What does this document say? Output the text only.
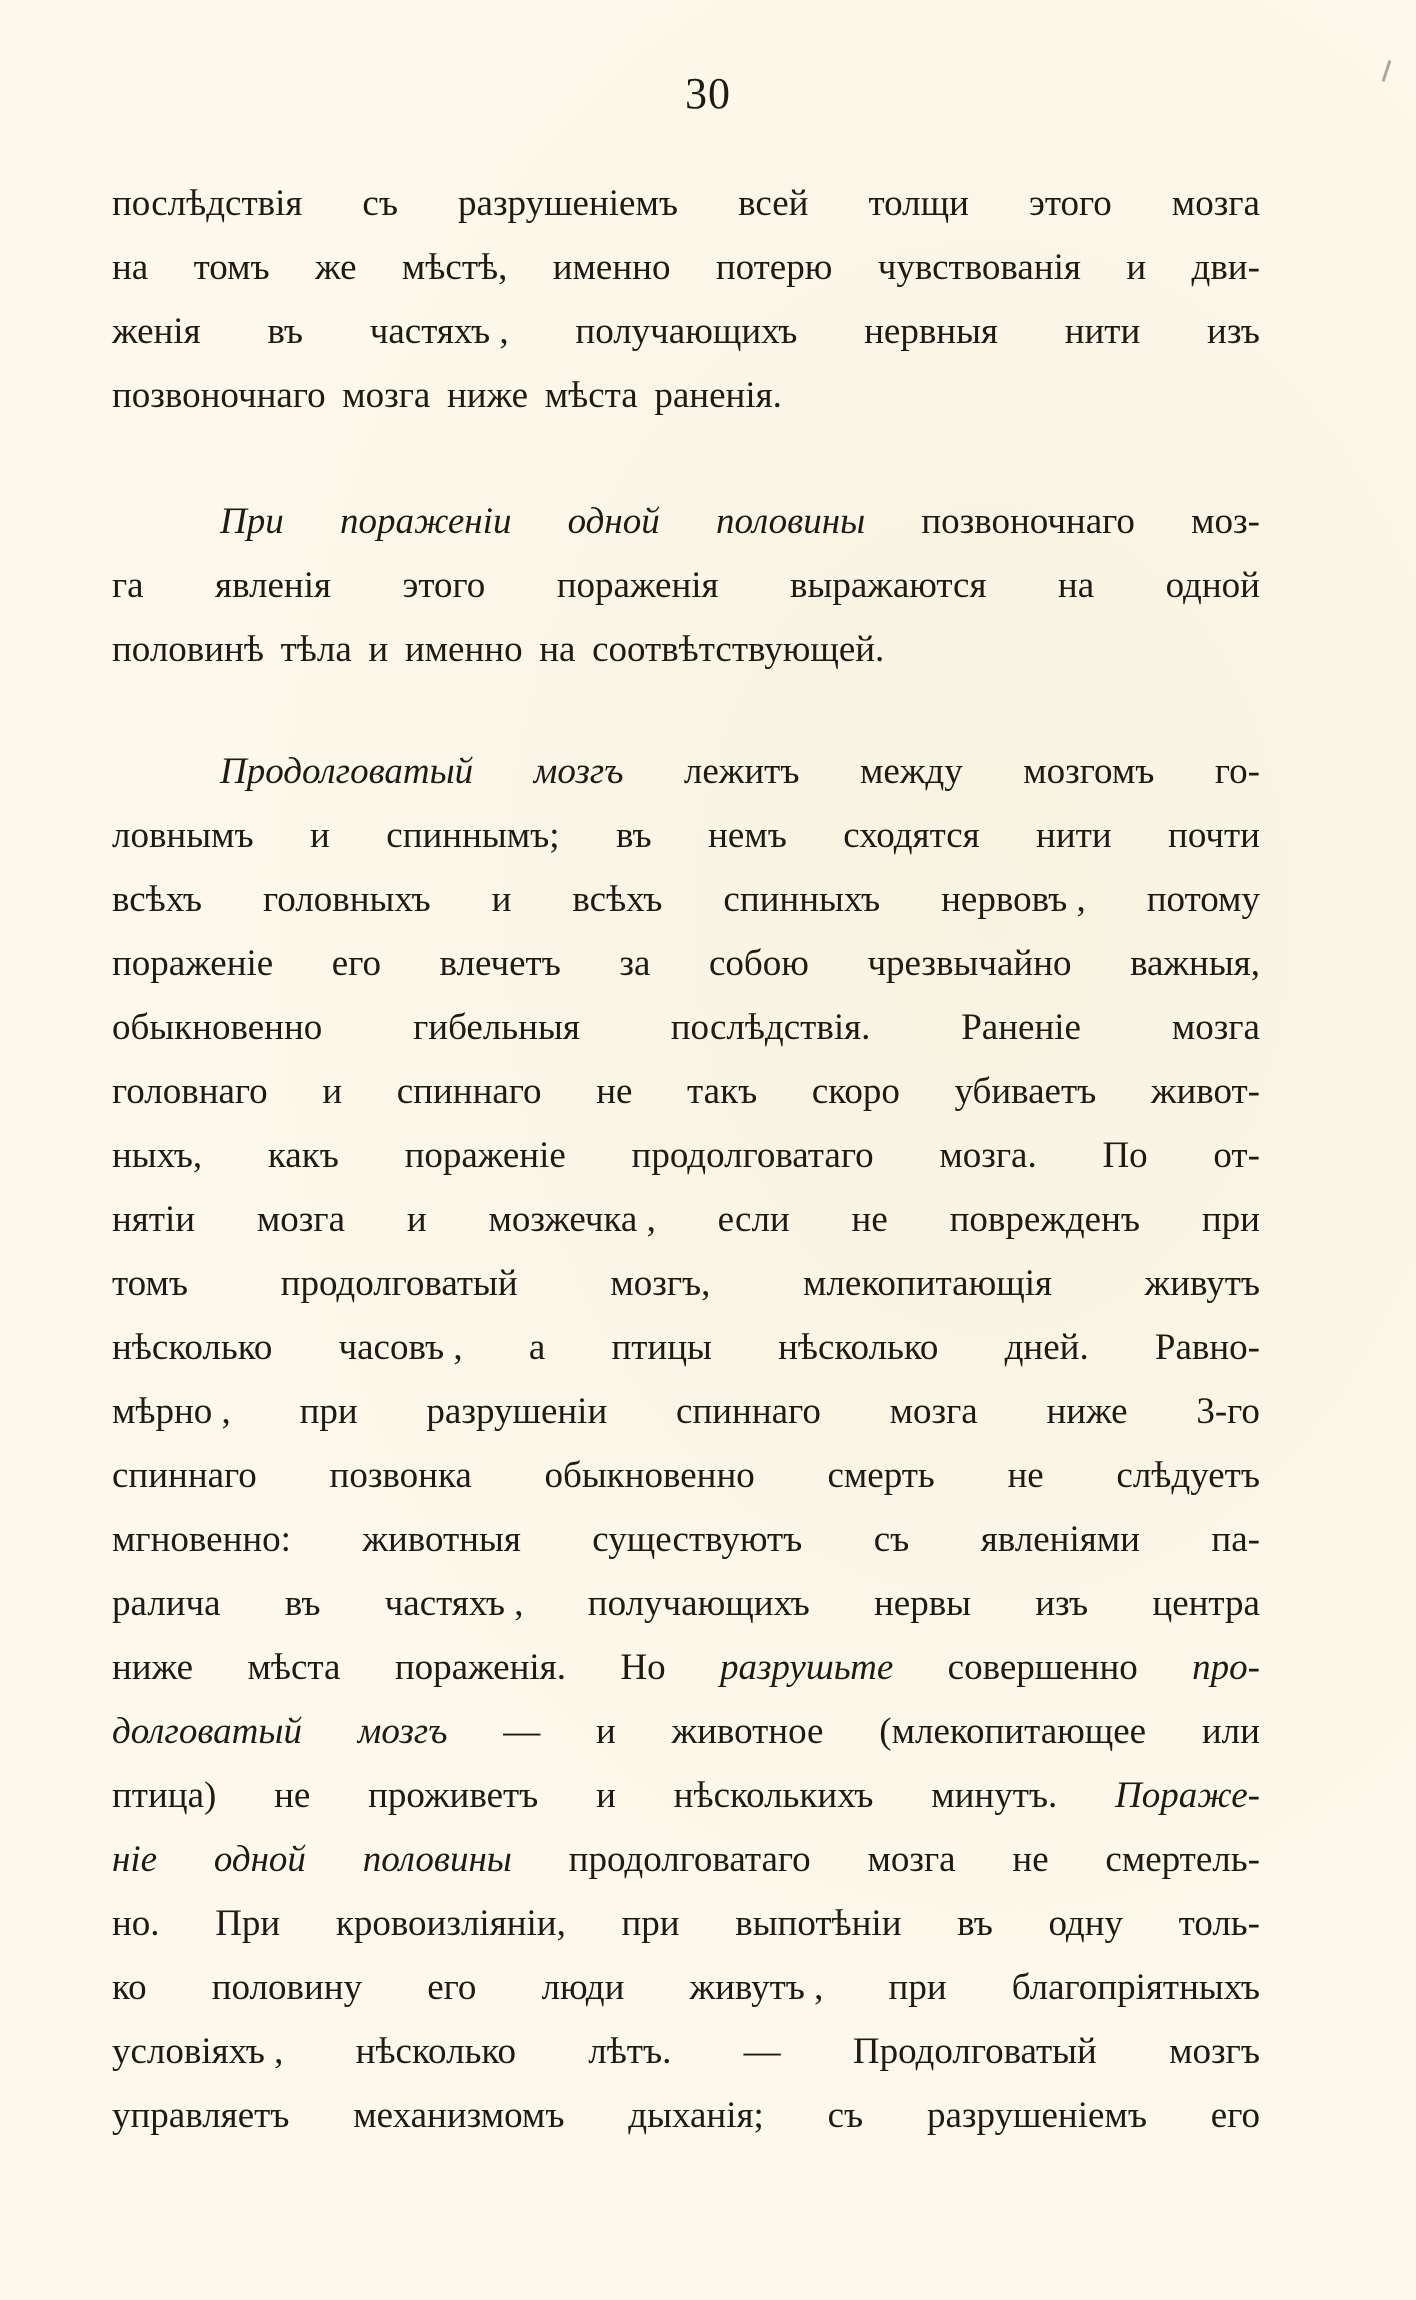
30
послѣдствія съ разрушеніемъ всей толщи этого мозга
на томъ же мѣстѣ, именно потерю чувствованія и дви-
женія въ частяхъ , получающихъ нервныя нити изъ
позвоночнаго мозга ниже мѣста раненія.
При пораженіи одной половины позвоночнаго моз-
га явленія этого пораженія выражаются на одной
половинѣ тѣла и именно на соотвѣтствующей.
Продолговатый мозгъ лежитъ между мозгомъ го-
ловнымъ и спиннымъ; въ немъ сходятся нити почти
всѣхъ головныхъ и всѣхъ спинныхъ нервовъ , потому
пораженіе его влечетъ за собою чрезвычайно важныя,
обыкновенно гибельныя послѣдствія. Раненіе мозга
головнаго и спиннаго не такъ скоро убиваетъ живот-
ныхъ, какъ пораженіе продолговатаго мозга. По от-
нятіи мозга и мозжечка , если не поврежденъ при
томъ	продолговатый	мозгъ,	млекопитающія	живутъ
нѣсколько часовъ , а птицы нѣсколько дней. Равно-
мѣрно , при разрушеніи спиннаго мозга ниже 3-го
спиннаго позвонка обыкновенно смерть не слѣдуетъ
мгновенно: животныя существуютъ съ явленіями па-
ралича въ частяхъ , получающихъ нервы изъ центра
ниже мѣста пораженія. Но разрушьте совершенно про-
долговатый мозгъ — и животное (млекопитающее или
птица) не проживетъ и нѣсколькихъ минутъ. Пораже-
ніе одной половины продолговатаго мозга не смертель-
но. При кровоизліяніи, при выпотѣніи въ одну толь-
ко половину его люди живутъ , при благопріятныхъ
условіяхъ , нѣсколько лѣтъ. — Продолговатый мозгъ
управляетъ механизмомъ дыханія; съ разрушеніемъ его
